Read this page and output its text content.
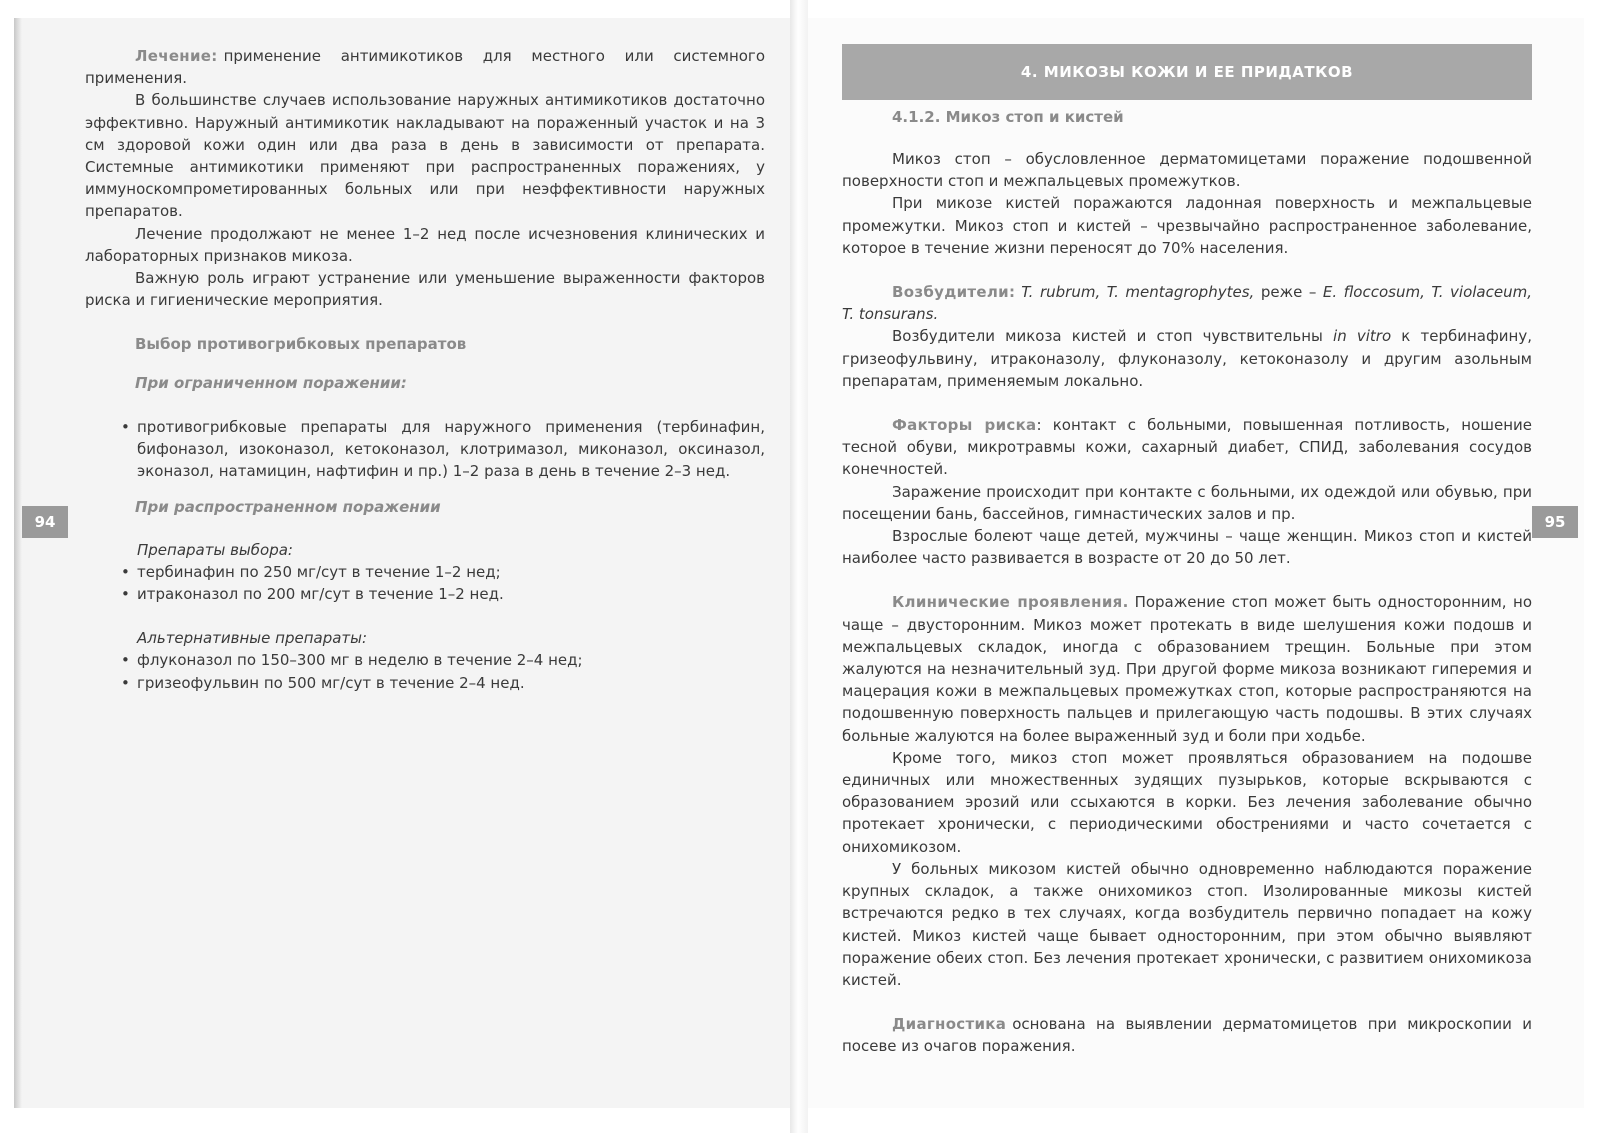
94	95

Лечение: применение антимикотиков для местного или системного применения.

В большинстве случаев использование наружных антимикотиков достаточно эффективно. Наружный антимикотик накладывают на пораженный участок и на 3 см здоровой кожи один или два раза в день в зависимости от препарата. Системные антимикотики применяют при распространенных поражениях, у иммуноскомпрометированных больных или при неэффективности наружных препаратов.

Лечение продолжают не менее 1–2 нед после исчезновения клинических и лабораторных признаков микоза.

Важную роль играют устранение или уменьшение выраженности факторов риска и гигиенические мероприятия.

Выбор противогрибковых препаратов
При ограниченном поражении:
• противогрибковые препараты для наружного применения (тербинафин, бифоназол, изоконазол, кетоконазол, клотримазол, миконазол, оксиназол, эконазол, натамицин, нафтифин и пр.) 1–2 раза в день в течение 2–3 нед.
При распространенном поражении
Препараты выбора:
• тербинафин по 250 мг/сут в течение 1–2 нед;
• итраконазол по 200 мг/сут в течение 1–2 нед.
Альтернативные препараты:
• флуконазол по 150–300 мг в неделю в течение 2–4 нед;
• гризеофульвин по 500 мг/сут в течение 2–4 нед.
4. МИКОЗЫ КОЖИ И ЕЕ ПРИДАТКОВ
4.1.2. Микоз стоп и кистей

Микоз стоп – обусловленное дерматомицетами поражение подошвенной поверхности стоп и межпальцевых промежутков.

При микозе кистей поражаются ладонная поверхность и межпальцевые промежутки. Микоз стоп и кистей – чрезвычайно распространенное заболевание, которое в течение жизни переносят до 70% населения.

Возбудители: T. rubrum, T. mentagrophytes, реже – E. floccosum, T. violaceum, T. tonsurans.

Возбудители микоза кистей и стоп чувствительны in vitro к тербинафину, гризеофульвину, итраконазолу, флуконазолу, кетоконазолу и другим азольным препаратам, применяемым локально.

Факторы риска: контакт с больными, повышенная потливость, ношение тесной обуви, микротравмы кожи, сахарный диабет, СПИД, заболевания сосудов конечностей.

Заражение происходит при контакте с больными, их одеждой или обувью, при посещении бань, бассейнов, гимнастических залов и пр.

Взрослые болеют чаще детей, мужчины – чаще женщин. Микоз стоп и кистей наиболее часто развивается в возрасте от 20 до 50 лет.

Клинические проявления. Поражение стоп может быть односторонним, но чаще – двусторонним. Микоз может протекать в виде шелушения кожи подошв и межпальцевых складок, иногда с образованием трещин. Больные при этом жалуются на незначительный зуд. При другой форме микоза возникают гиперемия и мацерация кожи в межпальцевых промежутках стоп, которые распространяются на подошвенную поверхность пальцев и прилегающую часть подошвы. В этих случаях больные жалуются на более выраженный зуд и боли при ходьбе.

Кроме того, микоз стоп может проявляться образованием на подошве единичных или множественных зудящих пузырьков, которые вскрываются с образованием эрозий или ссыхаются в корки. Без лечения заболевание обычно протекает хронически, с периодическими обострениями и часто сочетается с онихомикозом.

У больных микозом кистей обычно одновременно наблюдаются поражение крупных складок, а также онихомикоз стоп. Изолированные микозы кистей встречаются редко в тех случаях, когда возбудитель первично попадает на кожу кистей. Микоз кистей чаще бывает односторонним, при этом обычно выявляют поражение обеих стоп. Без лечения протекает хронически, с развитием онихомикоза кистей.

Диагностика основана на выявлении дерматомицетов при микроскопии и посеве из очагов поражения.
